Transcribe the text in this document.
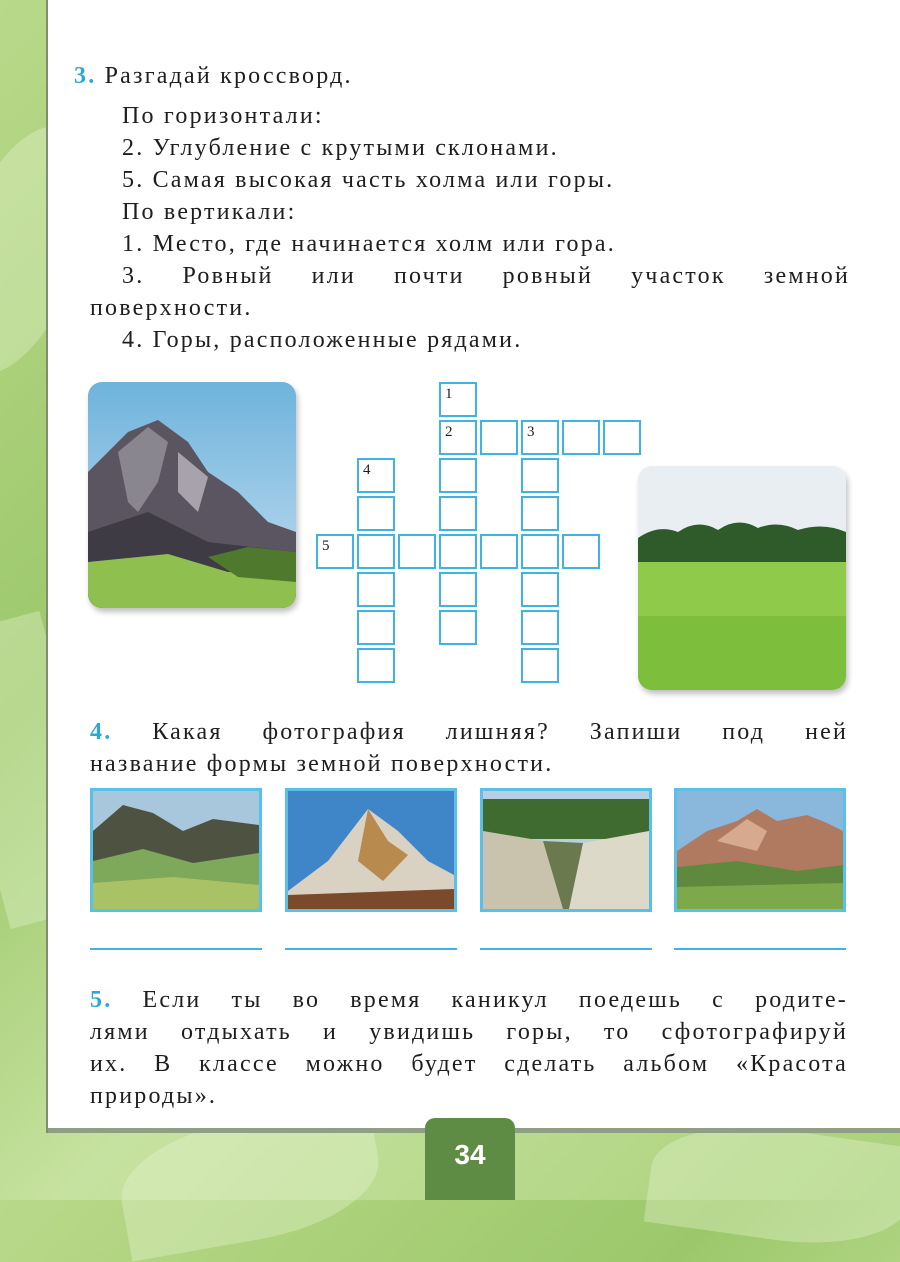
3. Разгадай кроссворд.

По горизонтали:

2. Углубление с крутыми склонами.

5. Самая высокая часть холма или горы.

По вертикали:

1. Место, где начинается холм или гора.

3. Ровный или почти ровный участок земной

поверхности.

4. Горы, расположенные рядами.

1
2	3
4
5
4. Какая фотография лишняя? Запиши под ней
название формы земной поверхности.

5. Если ты во время каникул поедешь с родите-

лями отдыхать и увидишь горы, то сфотографируй

их. В классе можно будет сделать альбом «Красота

природы».

34
